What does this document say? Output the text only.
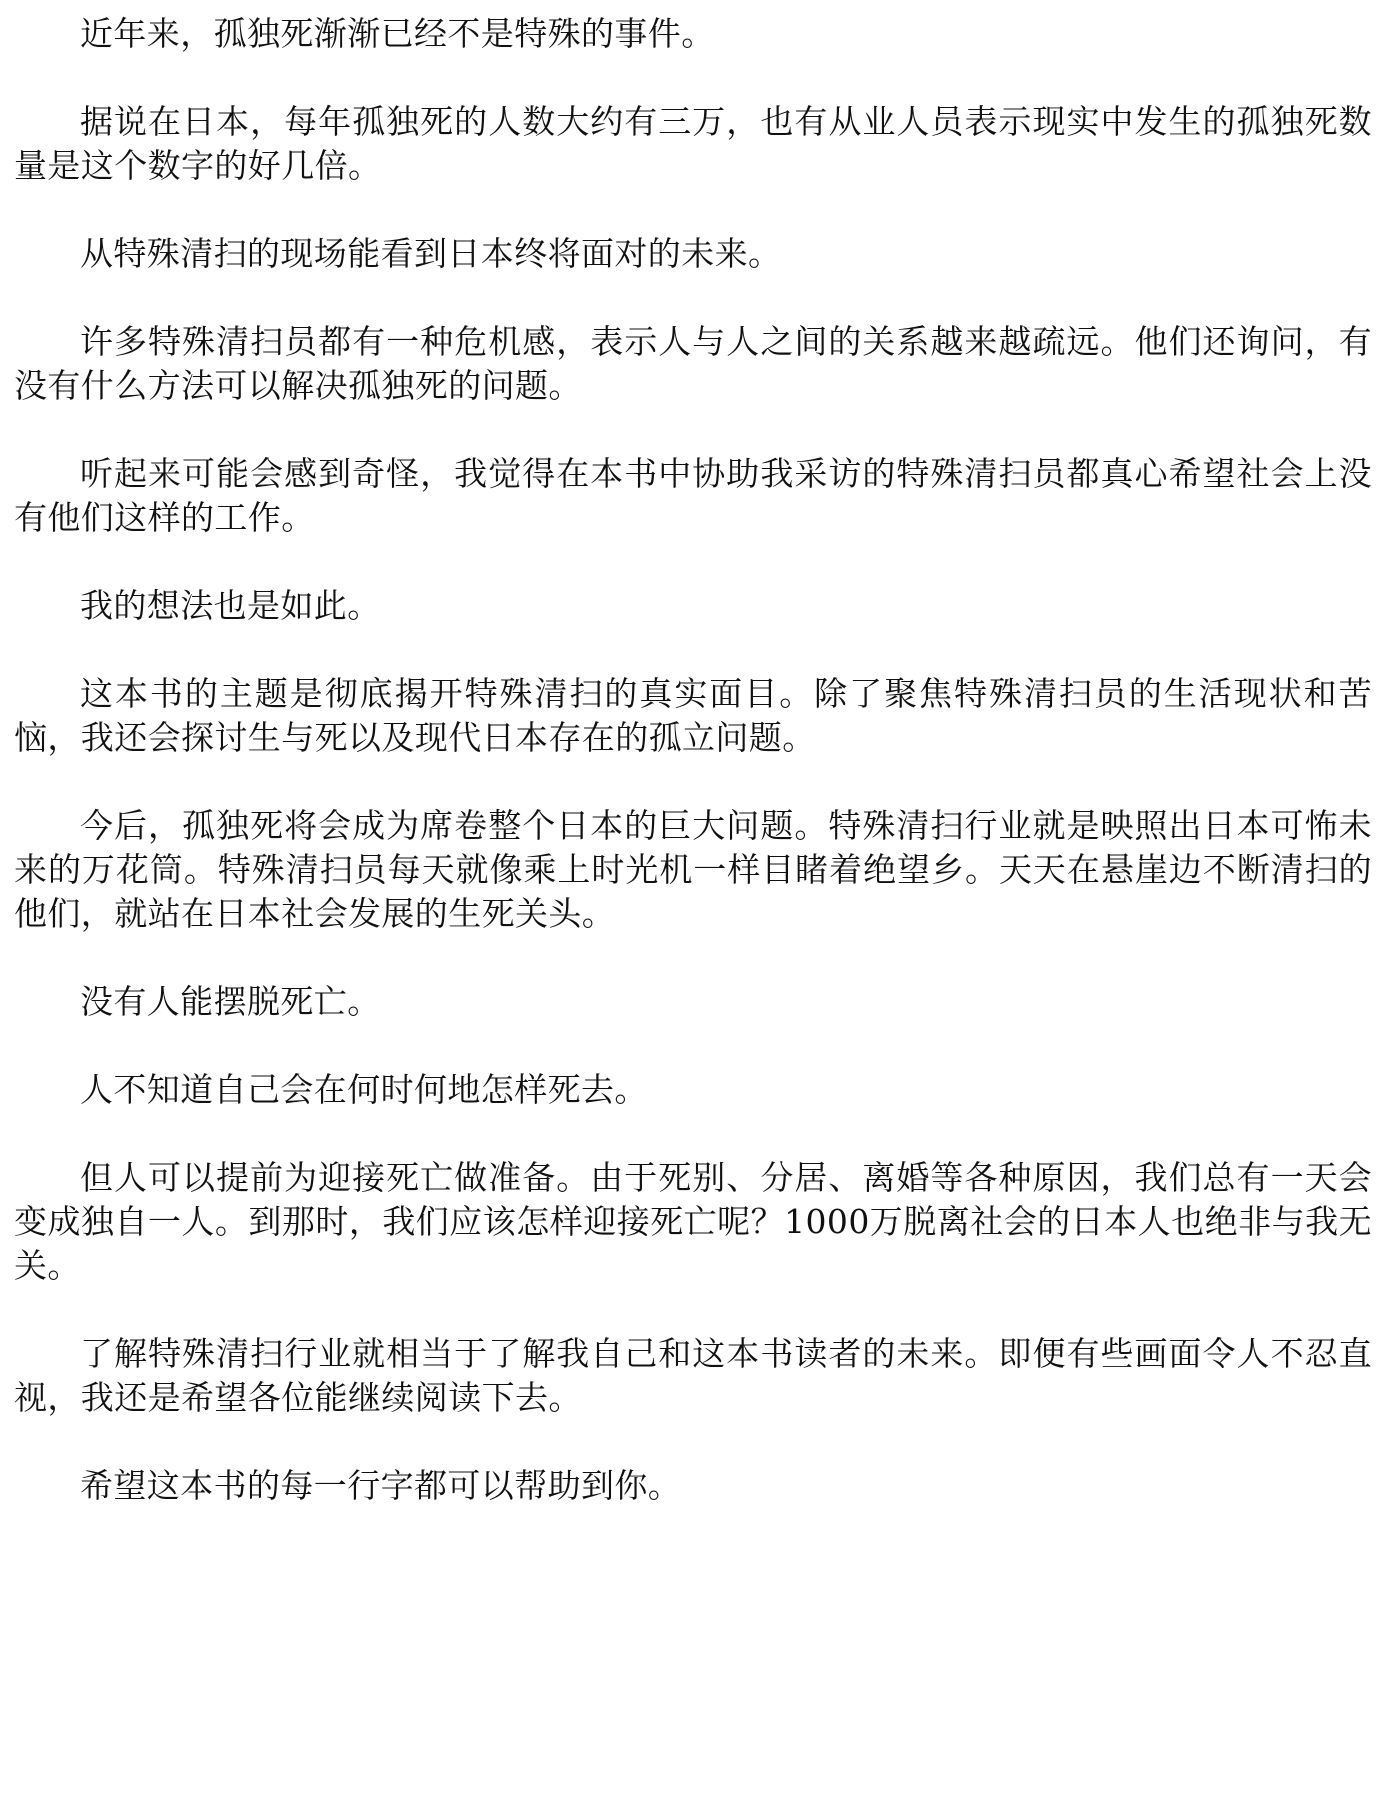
近年来，孤独死渐渐已经不是特殊的事件。

据说在日本，每年孤独死的人数大约有三万，也有从业人员表示现实中发生的孤独死数量是这个数字的好几倍。

从特殊清扫的现场能看到日本终将面对的未来。

许多特殊清扫员都有一种危机感，表示人与人之间的关系越来越疏远。他们还询问，有没有什么方法可以解决孤独死的问题。

听起来可能会感到奇怪，我觉得在本书中协助我采访的特殊清扫员都真心希望社会上没有他们这样的工作。

我的想法也是如此。

这本书的主题是彻底揭开特殊清扫的真实面目。除了聚焦特殊清扫员的生活现状和苦恼，我还会探讨生与死以及现代日本存在的孤立问题。

今后，孤独死将会成为席卷整个日本的巨大问题。特殊清扫行业就是映照出日本可怖未来的万花筒。特殊清扫员每天就像乘上时光机一样目睹着绝望乡。天天在悬崖边不断清扫的他们，就站在日本社会发展的生死关头。

没有人能摆脱死亡。

人不知道自己会在何时何地怎样死去。

但人可以提前为迎接死亡做准备。由于死别、分居、离婚等各种原因，我们总有一天会变成独自一人。到那时，我们应该怎样迎接死亡呢？1000万脱离社会的日本人也绝非与我无关。

了解特殊清扫行业就相当于了解我自己和这本书读者的未来。即便有些画面令人不忍直视，我还是希望各位能继续阅读下去。

希望这本书的每一行字都可以帮助到你。
